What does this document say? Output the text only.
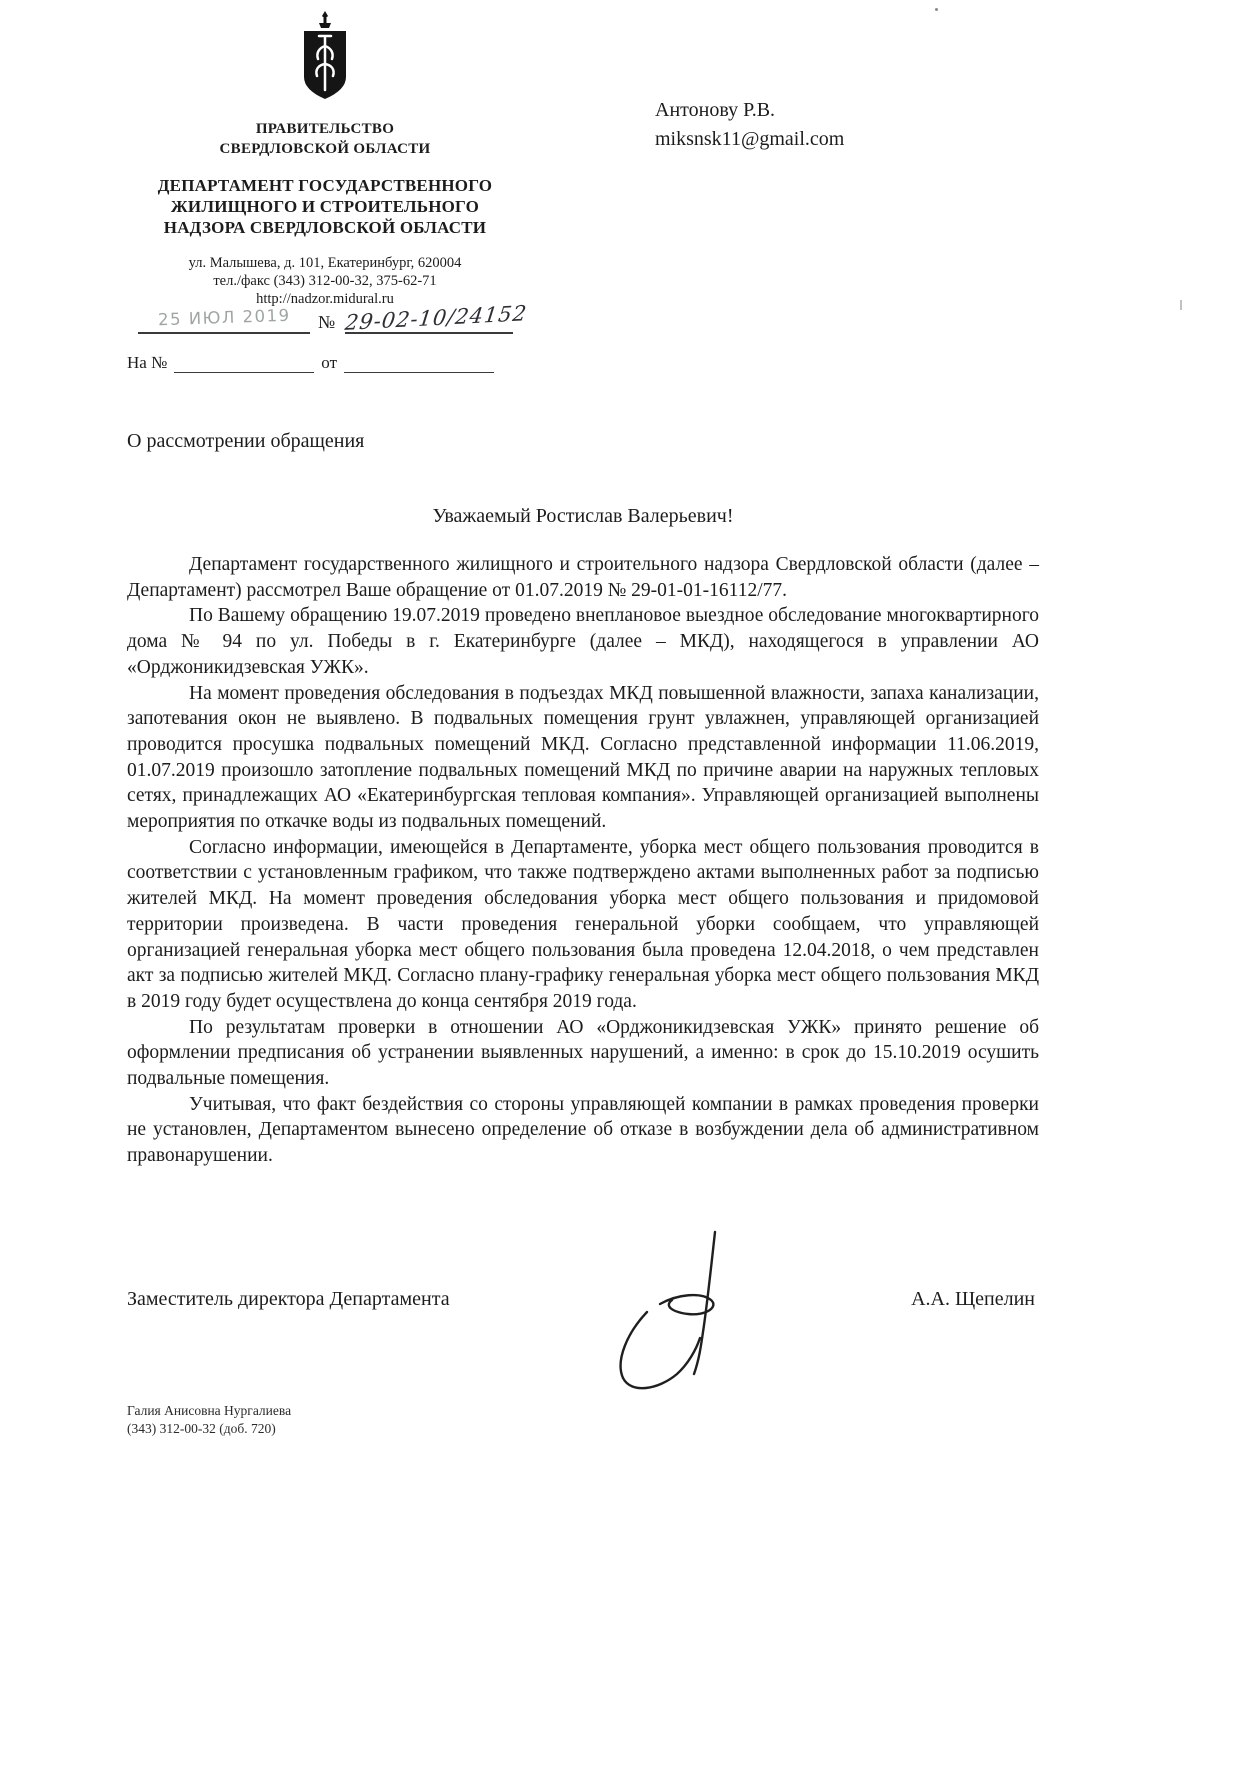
ПРАВИТЕЛЬСТВО
СВЕРДЛОВСКОЙ ОБЛАСТИ
ДЕПАРТАМЕНТ ГОСУДАРСТВЕННОГО
ЖИЛИЩНОГО И СТРОИТЕЛЬНОГО
НАДЗОРА СВЕРДЛОВСКОЙ ОБЛАСТИ
ул. Малышева, д. 101, Екатеринбург, 620004
тел./факс (343) 312-00-32, 375-62-71
http://nadzor.midural.ru
25 ИЮЛ 2019	№ 29-02-10/24152
На №	от
Антонову Р.В.
miksnsk11@gmail.com
О рассмотрении обращения
Уважаемый Ростислав Валерьевич!

Департамент государственного жилищного и строительного надзора Свердловской области (далее – Департамент) рассмотрел Ваше обращение от 01.07.2019 № 29-01-01-16112/77.

По Вашему обращению 19.07.2019 проведено внеплановое выездное обследование многоквартирного дома № 94 по ул. Победы в г. Екатеринбурге (далее – МКД), находящегося в управлении АО «Орджоникидзевская УЖК».

На момент проведения обследования в подъездах МКД повышенной влажности, запаха канализации, запотевания окон не выявлено. В подвальных помещения грунт увлажнен, управляющей организацией проводится просушка подвальных помещений МКД. Согласно представленной информации 11.06.2019, 01.07.2019 произошло затопление подвальных помещений МКД по причине аварии на наружных тепловых сетях, принадлежащих АО «Екатеринбургская тепловая компания». Управляющей организацией выполнены мероприятия по откачке воды из подвальных помещений.

Согласно информации, имеющейся в Департаменте, уборка мест общего пользования проводится в соответствии с установленным графиком, что также подтверждено актами выполненных работ за подписью жителей МКД. На момент проведения обследования уборка мест общего пользования и придомовой территории произведена. В части проведения генеральной уборки сообщаем, что управляющей организацией генеральная уборка мест общего пользования была проведена 12.04.2018, о чем представлен акт за подписью жителей МКД. Согласно плану-графику генеральная уборка мест общего пользования МКД в 2019 году будет осуществлена до конца сентября 2019 года.

По результатам проверки в отношении АО «Орджоникидзевская УЖК» принято решение об оформлении предписания об устранении выявленных нарушений, а именно: в срок до 15.10.2019 осушить подвальные помещения.

Учитывая, что факт бездействия со стороны управляющей компании в рамках проведения проверки не установлен, Департаментом вынесено определение об отказе в возбуждении дела об административном правонарушении.

Заместитель директора Департамента	А.А. Щепелин
Галия Анисовна Нургалиева
(343) 312-00-32 (доб. 720)
